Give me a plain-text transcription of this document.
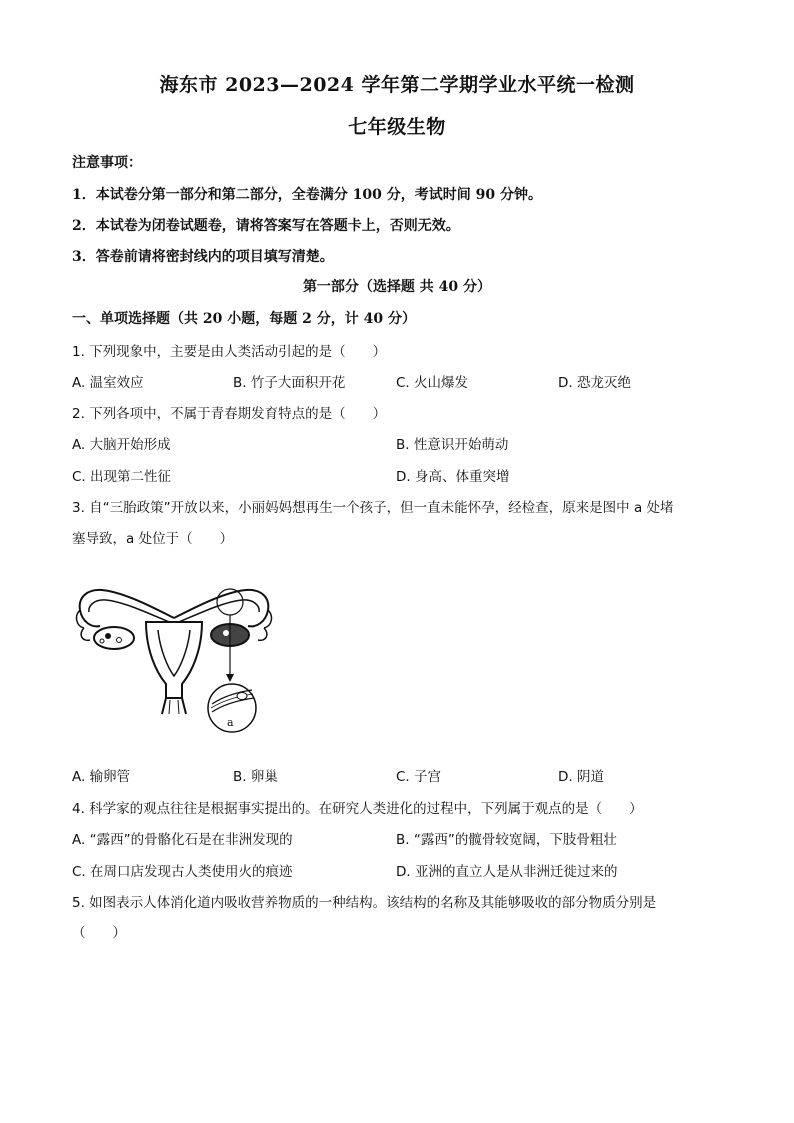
海东市 2023—2024 学年第二学期学业水平统一检测
七年级生物
注意事项：
1．本试卷分第一部分和第二部分，全卷满分 100 分，考试时间 90 分钟。
2．本试卷为闭卷试题卷，请将答案写在答题卡上，否则无效。
3．答卷前请将密封线内的项目填写清楚。
第一部分（选择题 共 40 分）
一、单项选择题（共 20 小题，每题 2 分，计 40 分）
1. 下列现象中，主要是由人类活动引起的是（　　）
A. 温室效应	B. 竹子大面积开花	C. 火山爆发	D. 恐龙灭绝
2. 下列各项中，不属于青春期发育特点的是（　　）
A. 大脑开始形成	B. 性意识开始萌动
C. 出现第二性征	D. 身高、体重突增
3. 自“三胎政策”开放以来，小丽妈妈想再生一个孩子，但一直未能怀孕，经检查，原来是图中 a 处堵
塞导致，a 处位于（　　）
a
A. 输卵管	B. 卵巢	C. 子宫	D. 阴道
4. 科学家的观点往往是根据事实提出的。在研究人类进化的过程中，下列属于观点的是（　　）
A. “露西”的骨骼化石是在非洲发现的	B. “露西”的髋骨较宽阔，下肢骨粗壮
C. 在周口店发现古人类使用火的痕迹	D. 亚洲的直立人是从非洲迁徙过来的
5. 如图表示人体消化道内吸收营养物质的一种结构。该结构的名称及其能够吸收的部分物质分别是
（　　）
